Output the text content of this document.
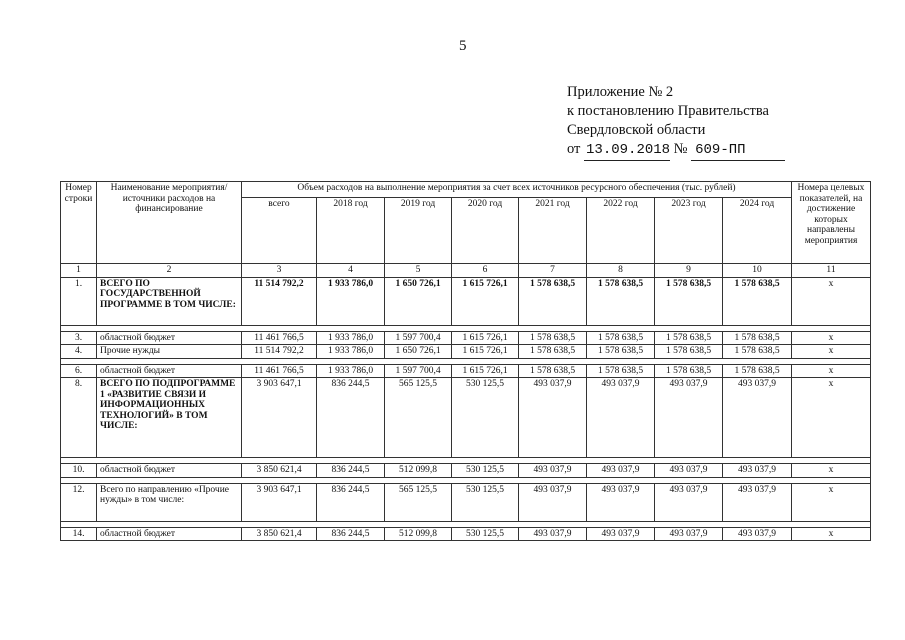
5
Приложение № 2
к постановлению Правительства
Свердловской области
от 13.09.2018 № 609-ПП
Номер строки	Наименование мероприятия/ источники расходов на финансирование	Объем расходов на выполнение мероприятия за счет всех источников ресурсного обеспечения (тыс. рублей)								Номера целевых показателей, на достижение которых направлены мероприятия
		всего	2018 год	2019 год	2020 год	2021 год	2022 год	2023 год	2024 год	
1	2	3	4	5	6	7	8	9	10	11
1.	ВСЕГО ПО ГОСУДАРСТВЕННОЙ ПРОГРАММЕ В ТОМ ЧИСЛЕ:	11 514 792,2	1 933 786,0	1 650 726,1	1 615 726,1	1 578 638,5	1 578 638,5	1 578 638,5	1 578 638,5	х

3.	областной бюджет	11 461 766,5	1 933 786,0	1 597 700,4	1 615 726,1	1 578 638,5	1 578 638,5	1 578 638,5	1 578 638,5	х
4.	Прочие нужды	11 514 792,2	1 933 786,0	1 650 726,1	1 615 726,1	1 578 638,5	1 578 638,5	1 578 638,5	1 578 638,5	х

6.	областной бюджет	11 461 766,5	1 933 786,0	1 597 700,4	1 615 726,1	1 578 638,5	1 578 638,5	1 578 638,5	1 578 638,5	х
8.	ВСЕГО ПО ПОДПРОГРАММЕ 1 «РАЗВИТИЕ СВЯЗИ И ИНФОРМАЦИОННЫХ ТЕХНОЛОГИЙ» В ТОМ ЧИСЛЕ:	3 903 647,1	836 244,5	565 125,5	530 125,5	493 037,9	493 037,9	493 037,9	493 037,9	х

10.	областной бюджет	3 850 621,4	836 244,5	512 099,8	530 125,5	493 037,9	493 037,9	493 037,9	493 037,9	х

12.	Всего по направлению «Прочие нужды» в том числе:	3 903 647,1	836 244,5	565 125,5	530 125,5	493 037,9	493 037,9	493 037,9	493 037,9	х

14.	областной бюджет	3 850 621,4	836 244,5	512 099,8	530 125,5	493 037,9	493 037,9	493 037,9	493 037,9	х
